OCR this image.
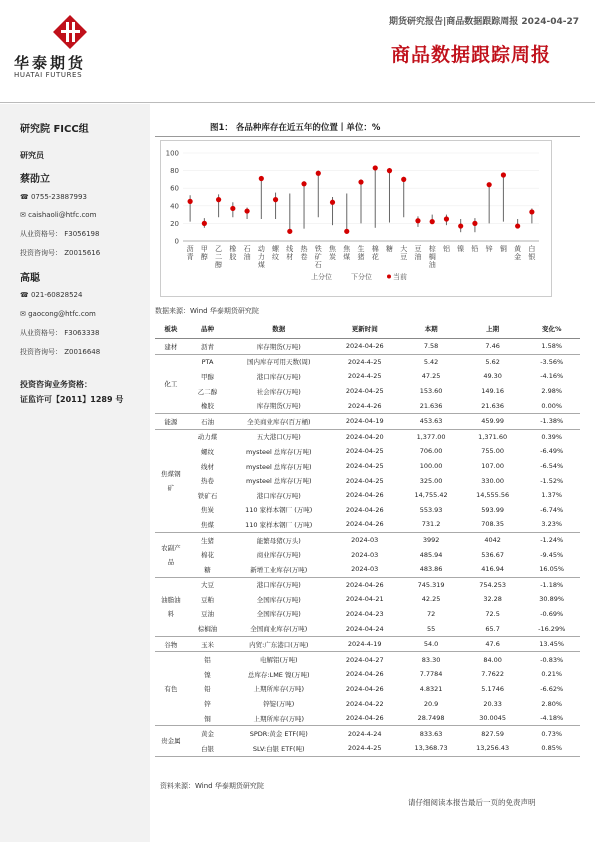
华泰期货
HUATAI FUTURES
期货研究报告|商品数据跟踪周报 2024-04-27
商品数据跟踪周报
研究院 FICC组
研究员
蔡劭立
☎ 0755-23887993
✉ caishaoli@htfc.com
从业资格号： F3056198
投资咨询号： Z0015616
高聪
☎ 021-60828524
✉ gaocong@htfc.com
从业资格号： F3063338
投资咨询号： Z0016648
投资咨询业务资格：
证监许可【2011】1289 号
图1： 各品种库存在近五年的位置丨单位：%
0
20
40
60
80
100
沥青
甲醇
乙二醇
橡胶
石油
动力煤
螺纹
线材
热卷
铁矿石
焦炭
焦煤
生猪
棉花
糖 大豆
豆油
棕榈油
铝 镍 铅 锌 铜 黄金
白银
上分位	下分位	当前
数据来源：Wind 华泰期货研究院
板块	品种	数据	更新时间	本期	上期	变化%
建材	沥青	库存期货(万吨)	2024-04-26	7.58	7.46	1.58%
化工	PTA	国内库存可用天数(周)	2024-4-25	5.42	5.62	-3.56%
	甲醇	港口库存(万吨)	2024-4-25	47.25	49.30	-4.16%
	乙二醇	社会库存(万吨)	2024-04-25	153.60	149.16	2.98%
	橡胶	库存期货(万吨)	2024-4-26	21.636	21.636	0.00%
能源	石油	全美商业库存(百万桶)	2024-04-19	453.63	459.99	-1.38%
焦煤钢矿	动力煤	五大港口(万吨)	2024-04-20	1,377.00	1,371.60	0.39%
	螺纹	mysteel 总库存(万吨)	2024-04-25	706.00	755.00	-6.49%
	线材	mysteel 总库存(万吨)	2024-04-25	100.00	107.00	-6.54%
	热卷	mysteel 总库存(万吨)	2024-04-25	325.00	330.00	-1.52%
	铁矿石	港口库存(万吨)	2024-04-26	14,755.42	14,555.56	1.37%
	焦炭	110 家样本钢厂 (万吨)	2024-04-26	553.93	593.99	-6.74%
	焦煤	110 家样本钢厂 (万吨)	2024-04-26	731.2	708.35	3.23%
农副产品	生猪	能繁母猪(万头)	2024-03	3992	4042	-1.24%
	棉花	商业库存(万吨)	2024-03	485.94	536.67	-9.45%
	糖	新增工业库存(万吨)	2024-03	483.86	416.94	16.05%
油脂油料	大豆	港口库存(万吨)	2024-04-26	745.319	754.253	-1.18%
	豆粕	全国库存(万吨)	2024-04-21	42.25	32.28	30.89%
	豆油	全国库存(万吨)	2024-04-23	72	72.5	-0.69%
	棕榈油	全国商业库存(万吨)	2024-04-24	55	65.7	-16.29%
谷物	玉米	内贸:广东港口(万吨)	2024-4-19	54.0	47.6	13.45%
有色	铝	电解铝(万吨)	2024-04-27	83.30	84.00	-0.83%
	镍	总库存:LME 镍(万吨)	2024-04-26	7.7784	7.7622	0.21%
	铅	上期所库存(万吨)	2024-04-26	4.8321	5.1746	-6.62%
	锌	锌锭(万吨)	2024-04-22	20.9	20.33	2.80%
	铜	上期所库存(万吨)	2024-04-26	28.7498	30.0045	-4.18%
贵金属	黄金	SPDR:黄金 ETF(吨)	2024-4-24	833.63	827.59	0.73%
	白银	SLV:白银 ETF(吨)	2024-4-25	13,368.73	13,256.43	0.85%
资料来源：Wind 华泰期货研究院
请仔细阅读本报告最后一页的免责声明
